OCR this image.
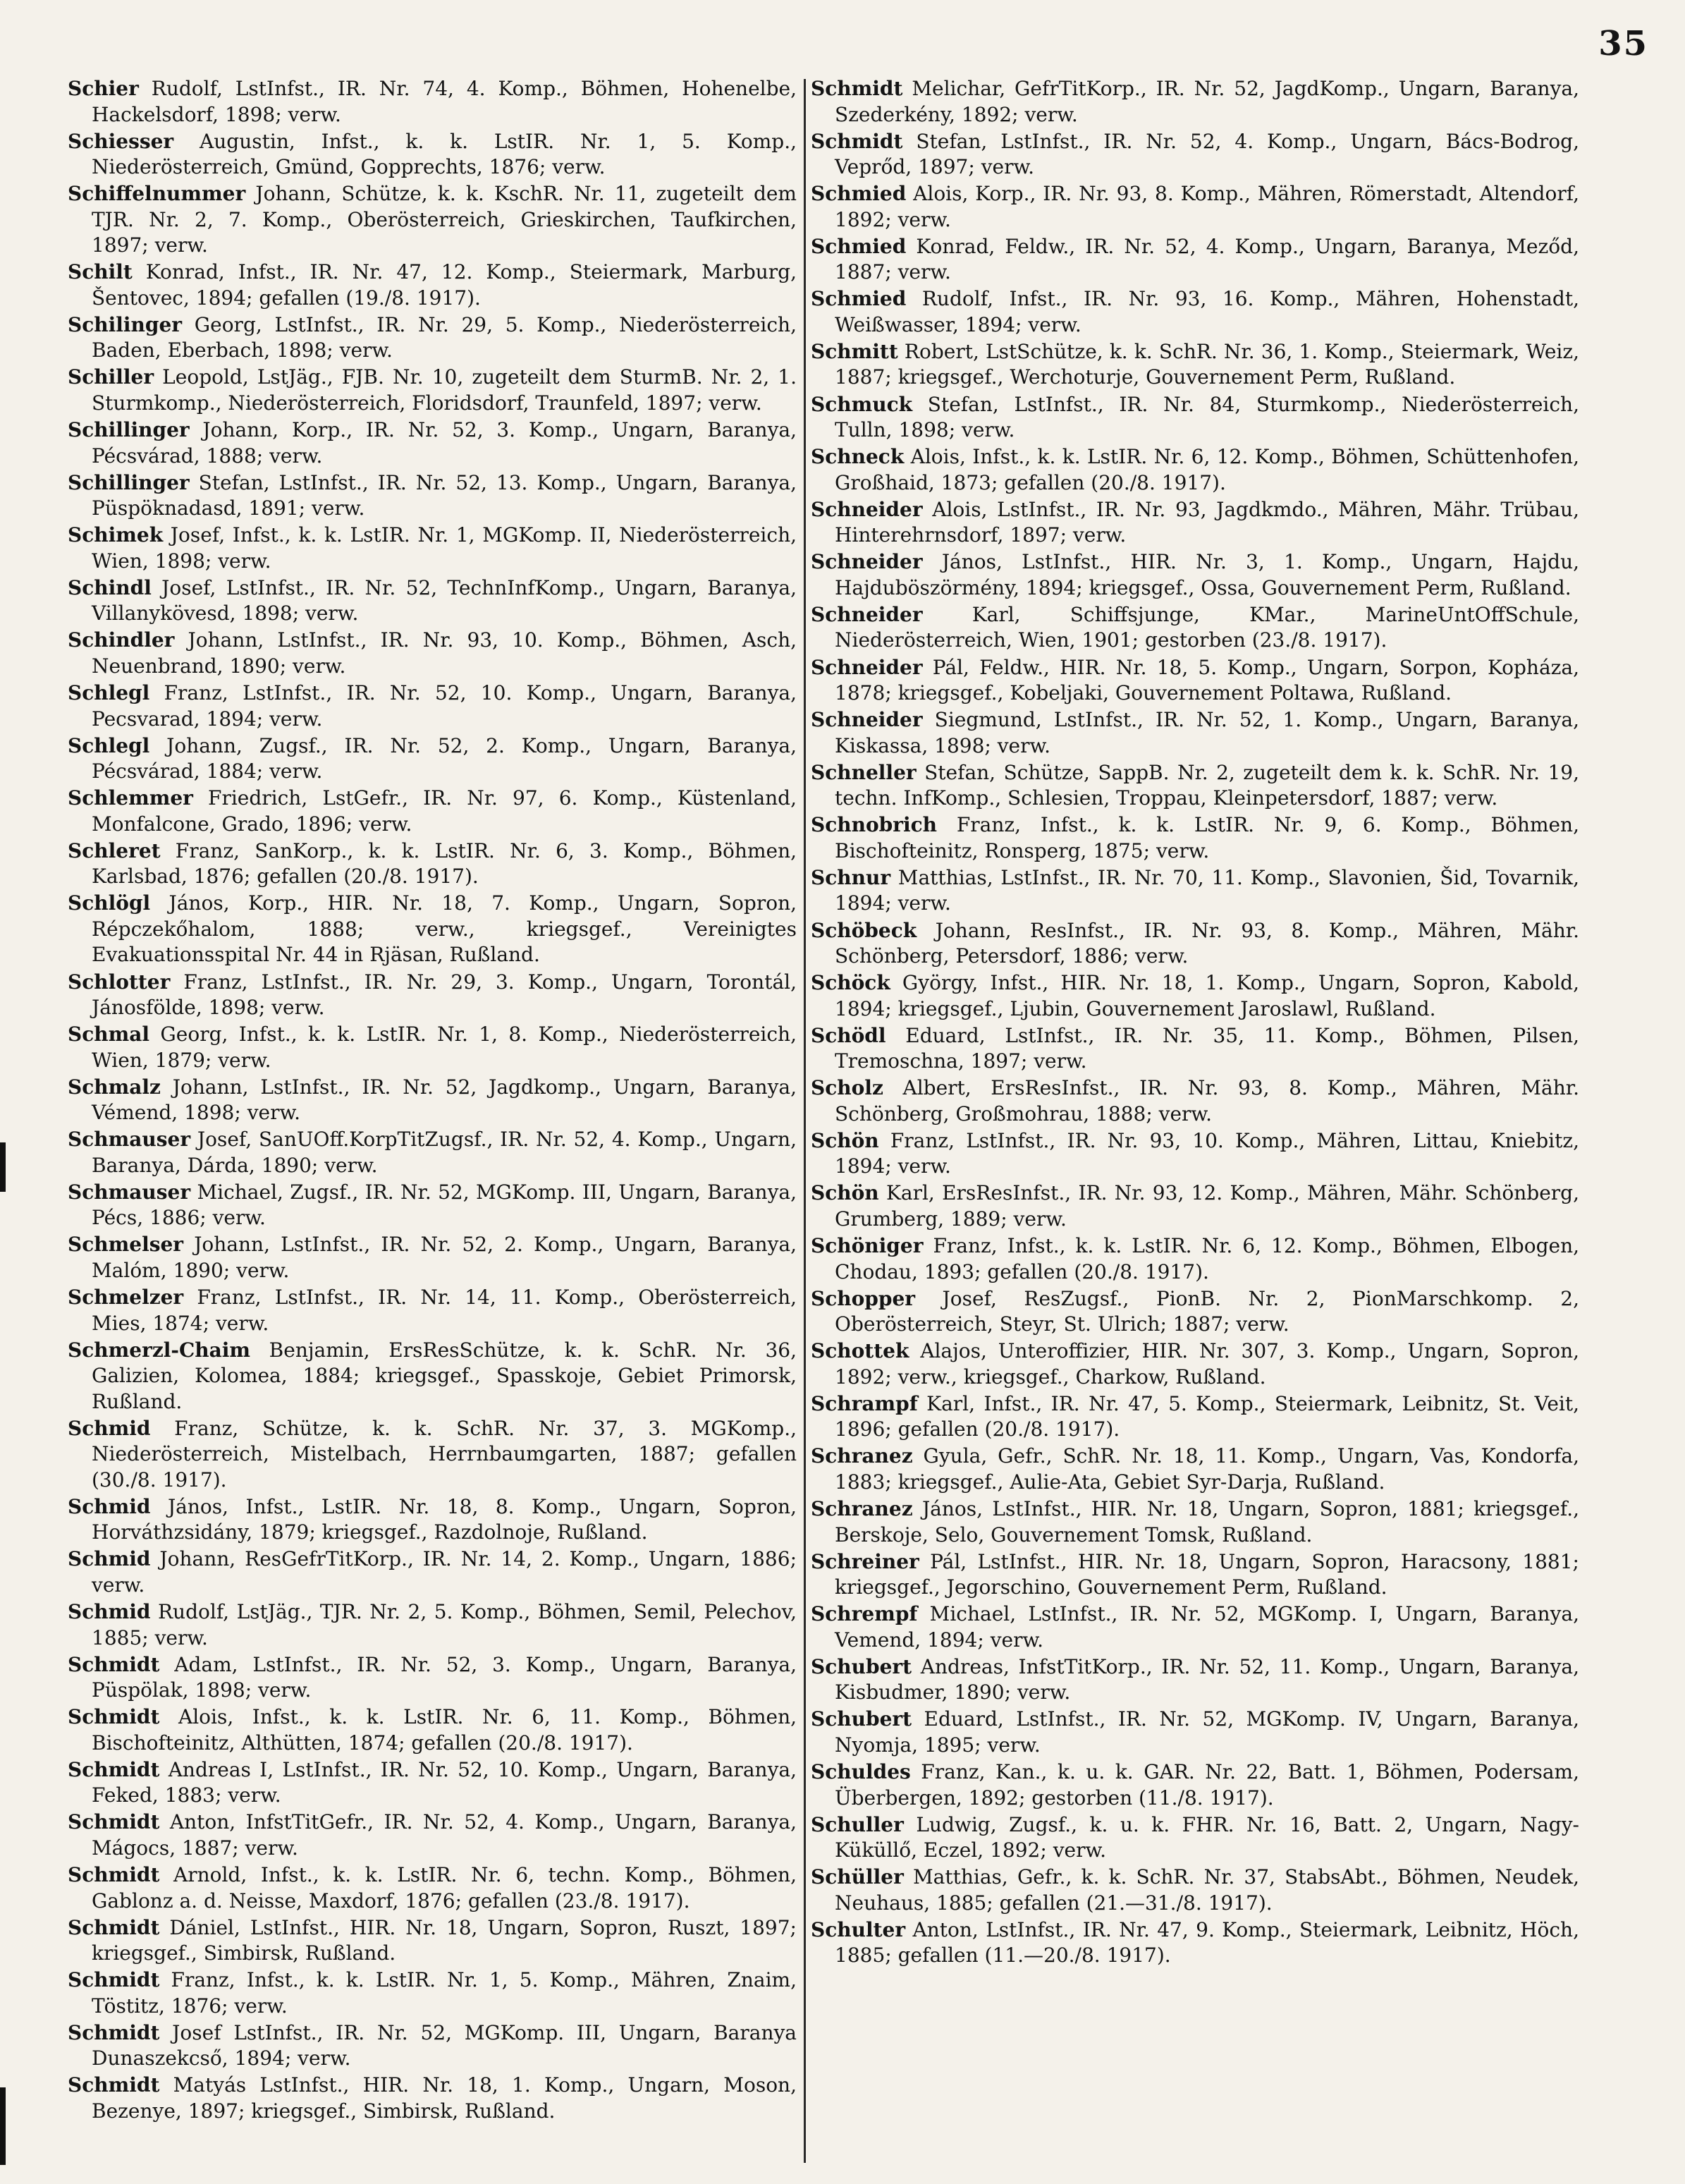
35

Schier Rudolf, LstInfst., IR. Nr. 74, 4. Komp., Böhmen, Hohenelbe, Hackelsdorf, 1898; verw.

Schiesser Augustin, Infst., k. k. LstIR. Nr. 1, 5. Komp., Niederösterreich, Gmünd, Gopprechts, 1876; verw.

Schiffelnummer Johann, Schütze, k. k. KschR. Nr. 11, zugeteilt dem TJR. Nr. 2, 7. Komp., Oberösterreich, Grieskirchen, Taufkirchen, 1897; verw.

Schilt Konrad, Infst., IR. Nr. 47, 12. Komp., Steiermark, Marburg, Šentovec, 1894; gefallen (19./8. 1917).

Schilinger Georg, LstInfst., IR. Nr. 29, 5. Komp., Niederösterreich, Baden, Eberbach, 1898; verw.

Schiller Leopold, LstJäg., FJB. Nr. 10, zugeteilt dem SturmB. Nr. 2, 1. Sturmkomp., Niederösterreich, Floridsdorf, Traunfeld, 1897; verw.

Schillinger Johann, Korp., IR. Nr. 52, 3. Komp., Ungarn, Baranya, Pécsvárad, 1888; verw.

Schillinger Stefan, LstInfst., IR. Nr. 52, 13. Komp., Ungarn, Baranya, Püspöknadasd, 1891; verw.

Schimek Josef, Infst., k. k. LstIR. Nr. 1, MGKomp. II, Niederösterreich, Wien, 1898; verw.

Schindl Josef, LstInfst., IR. Nr. 52, TechnInfKomp., Ungarn, Baranya, Villanykövesd, 1898; verw.

Schindler Johann, LstInfst., IR. Nr. 93, 10. Komp., Böhmen, Asch, Neuenbrand, 1890; verw.

Schlegl Franz, LstInfst., IR. Nr. 52, 10. Komp., Ungarn, Baranya, Pecsvarad, 1894; verw.

Schlegl Johann, Zugsf., IR. Nr. 52, 2. Komp., Ungarn, Baranya, Pécsvárad, 1884; verw.

Schlemmer Friedrich, LstGefr., IR. Nr. 97, 6. Komp., Küstenland, Monfalcone, Grado, 1896; verw.

Schleret Franz, SanKorp., k. k. LstIR. Nr. 6, 3. Komp., Böhmen, Karlsbad, 1876; gefallen (20./8. 1917).

Schlögl János, Korp., HIR. Nr. 18, 7. Komp., Ungarn, Sopron, Répczekőhalom, 1888; verw., kriegsgef., Vereinigtes Evakuationsspital Nr. 44 in Rjäsan, Rußland.

Schlotter Franz, LstInfst., IR. Nr. 29, 3. Komp., Ungarn, Torontál, Jánosfölde, 1898; verw.

Schmal Georg, Infst., k. k. LstIR. Nr. 1, 8. Komp., Niederösterreich, Wien, 1879; verw.

Schmalz Johann, LstInfst., IR. Nr. 52, Jagdkomp., Ungarn, Baranya, Vémend, 1898; verw.

Schmauser Josef, SanUOff.KorpTitZugsf., IR. Nr. 52, 4. Komp., Ungarn, Baranya, Dárda, 1890; verw.

Schmauser Michael, Zugsf., IR. Nr. 52, MGKomp. III, Ungarn, Baranya, Pécs, 1886; verw.

Schmelser Johann, LstInfst., IR. Nr. 52, 2. Komp., Ungarn, Baranya, Malóm, 1890; verw.

Schmelzer Franz, LstInfst., IR. Nr. 14, 11. Komp., Oberösterreich, Mies, 1874; verw.

Schmerzl-Chaim Benjamin, ErsResSchütze, k. k. SchR. Nr. 36, Galizien, Kolomea, 1884; kriegsgef., Spasskoje, Gebiet Primorsk, Rußland.

Schmid Franz, Schütze, k. k. SchR. Nr. 37, 3. MGKomp., Niederösterreich, Mistelbach, Herrnbaumgarten, 1887; gefallen (30./8. 1917).

Schmid János, Infst., LstIR. Nr. 18, 8. Komp., Ungarn, Sopron, Horváthzsidány, 1879; kriegsgef., Razdolnoje, Rußland.

Schmid Johann, ResGefrTitKorp., IR. Nr. 14, 2. Komp., Ungarn, 1886; verw.

Schmid Rudolf, LstJäg., TJR. Nr. 2, 5. Komp., Böhmen, Semil, Pelechov, 1885; verw.

Schmidt Adam, LstInfst., IR. Nr. 52, 3. Komp., Ungarn, Baranya, Püspölak, 1898; verw.

Schmidt Alois, Infst., k. k. LstIR. Nr. 6, 11. Komp., Böhmen, Bischofteinitz, Althütten, 1874; gefallen (20./8. 1917).

Schmidt Andreas I, LstInfst., IR. Nr. 52, 10. Komp., Ungarn, Baranya, Feked, 1883; verw.

Schmidt Anton, InfstTitGefr., IR. Nr. 52, 4. Komp., Ungarn, Baranya, Mágocs, 1887; verw.

Schmidt Arnold, Infst., k. k. LstIR. Nr. 6, techn. Komp., Böhmen, Gablonz a. d. Neisse, Maxdorf, 1876; gefallen (23./8. 1917).

Schmidt Dániel, LstInfst., HIR. Nr. 18, Ungarn, Sopron, Ruszt, 1897; kriegsgef., Simbirsk, Rußland.

Schmidt Franz, Infst., k. k. LstIR. Nr. 1, 5. Komp., Mähren, Znaim, Töstitz, 1876; verw.

Schmidt Josef LstInfst., IR. Nr. 52, MGKomp. III, Ungarn, Baranya Dunaszekcső, 1894; verw.

Schmidt Matyás LstInfst., HIR. Nr. 18, 1. Komp., Ungarn, Moson, Bezenye, 1897; kriegsgef., Simbirsk, Rußland.

Schmidt Melichar, GefrTitKorp., IR. Nr. 52, JagdKomp., Ungarn, Baranya, Szederkény, 1892; verw.

Schmidt Stefan, LstInfst., IR. Nr. 52, 4. Komp., Ungarn, Bács-Bodrog, Veprőd, 1897; verw.

Schmied Alois, Korp., IR. Nr. 93, 8. Komp., Mähren, Römerstadt, Altendorf, 1892; verw.

Schmied Konrad, Feldw., IR. Nr. 52, 4. Komp., Ungarn, Baranya, Meződ, 1887; verw.

Schmied Rudolf, Infst., IR. Nr. 93, 16. Komp., Mähren, Hohenstadt, Weißwasser, 1894; verw.

Schmitt Robert, LstSchütze, k. k. SchR. Nr. 36, 1. Komp., Steiermark, Weiz, 1887; kriegsgef., Werchoturje, Gouvernement Perm, Rußland.

Schmuck Stefan, LstInfst., IR. Nr. 84, Sturmkomp., Niederösterreich, Tulln, 1898; verw.

Schneck Alois, Infst., k. k. LstIR. Nr. 6, 12. Komp., Böhmen, Schüttenhofen, Großhaid, 1873; gefallen (20./8. 1917).

Schneider Alois, LstInfst., IR. Nr. 93, Jagdkmdo., Mähren, Mähr. Trübau, Hinterehrnsdorf, 1897; verw.

Schneider János, LstInfst., HIR. Nr. 3, 1. Komp., Ungarn, Hajdu, Hajduböszörmény, 1894; kriegsgef., Ossa, Gouvernement Perm, Rußland.

Schneider Karl, Schiffsjunge, KMar., MarineUntOffSchule, Niederösterreich, Wien, 1901; gestorben (23./8. 1917).

Schneider Pál, Feldw., HIR. Nr. 18, 5. Komp., Ungarn, Sorpon, Kopháza, 1878; kriegsgef., Kobeljaki, Gouvernement Poltawa, Rußland.

Schneider Siegmund, LstInfst., IR. Nr. 52, 1. Komp., Ungarn, Baranya, Kiskassa, 1898; verw.

Schneller Stefan, Schütze, SappB. Nr. 2, zugeteilt dem k. k. SchR. Nr. 19, techn. InfKomp., Schlesien, Troppau, Kleinpetersdorf, 1887; verw.

Schnobrich Franz, Infst., k. k. LstIR. Nr. 9, 6. Komp., Böhmen, Bischofteinitz, Ronsperg, 1875; verw.

Schnur Matthias, LstInfst., IR. Nr. 70, 11. Komp., Slavonien, Šid, Tovarnik, 1894; verw.

Schöbeck Johann, ResInfst., IR. Nr. 93, 8. Komp., Mähren, Mähr. Schönberg, Petersdorf, 1886; verw.

Schöck György, Infst., HIR. Nr. 18, 1. Komp., Ungarn, Sopron, Kabold, 1894; kriegsgef., Ljubin, Gouvernement Jaroslawl, Rußland.

Schödl Eduard, LstInfst., IR. Nr. 35, 11. Komp., Böhmen, Pilsen, Tremoschna, 1897; verw.

Scholz Albert, ErsResInfst., IR. Nr. 93, 8. Komp., Mähren, Mähr. Schönberg, Großmohrau, 1888; verw.

Schön Franz, LstInfst., IR. Nr. 93, 10. Komp., Mähren, Littau, Kniebitz, 1894; verw.

Schön Karl, ErsResInfst., IR. Nr. 93, 12. Komp., Mähren, Mähr. Schönberg, Grumberg, 1889; verw.

Schöniger Franz, Infst., k. k. LstIR. Nr. 6, 12. Komp., Böhmen, Elbogen, Chodau, 1893; gefallen (20./8. 1917).

Schopper Josef, ResZugsf., PionB. Nr. 2, PionMarschkomp. 2, Oberösterreich, Steyr, St. Ulrich; 1887; verw.

Schottek Alajos, Unteroffizier, HIR. Nr. 307, 3. Komp., Ungarn, Sopron, 1892; verw., kriegsgef., Charkow, Rußland.

Schrampf Karl, Infst., IR. Nr. 47, 5. Komp., Steiermark, Leibnitz, St. Veit, 1896; gefallen (20./8. 1917).

Schranez Gyula, Gefr., SchR. Nr. 18, 11. Komp., Ungarn, Vas, Kondorfa, 1883; kriegsgef., Aulie-Ata, Gebiet Syr-Darja, Rußland.

Schranez János, LstInfst., HIR. Nr. 18, Ungarn, Sopron, 1881; kriegsgef., Berskoje, Selo, Gouvernement Tomsk, Rußland.

Schreiner Pál, LstInfst., HIR. Nr. 18, Ungarn, Sopron, Haracsony, 1881; kriegsgef., Jegorschino, Gouvernement Perm, Rußland.

Schrempf Michael, LstInfst., IR. Nr. 52, MGKomp. I, Ungarn, Baranya, Vemend, 1894; verw.

Schubert Andreas, InfstTitKorp., IR. Nr. 52, 11. Komp., Ungarn, Baranya, Kisbudmer, 1890; verw.

Schubert Eduard, LstInfst., IR. Nr. 52, MGKomp. IV, Ungarn, Baranya, Nyomja, 1895; verw.

Schuldes Franz, Kan., k. u. k. GAR. Nr. 22, Batt. 1, Böhmen, Podersam, Überbergen, 1892; gestorben (11./8. 1917).

Schuller Ludwig, Zugsf., k. u. k. FHR. Nr. 16, Batt. 2, Ungarn, Nagy-Küküllő, Eczel, 1892; verw.

Schüller Matthias, Gefr., k. k. SchR. Nr. 37, StabsAbt., Böhmen, Neudek, Neuhaus, 1885; gefallen (21.—31./8. 1917).

Schulter Anton, LstInfst., IR. Nr. 47, 9. Komp., Steiermark, Leibnitz, Höch, 1885; gefallen (11.—20./8. 1917).
